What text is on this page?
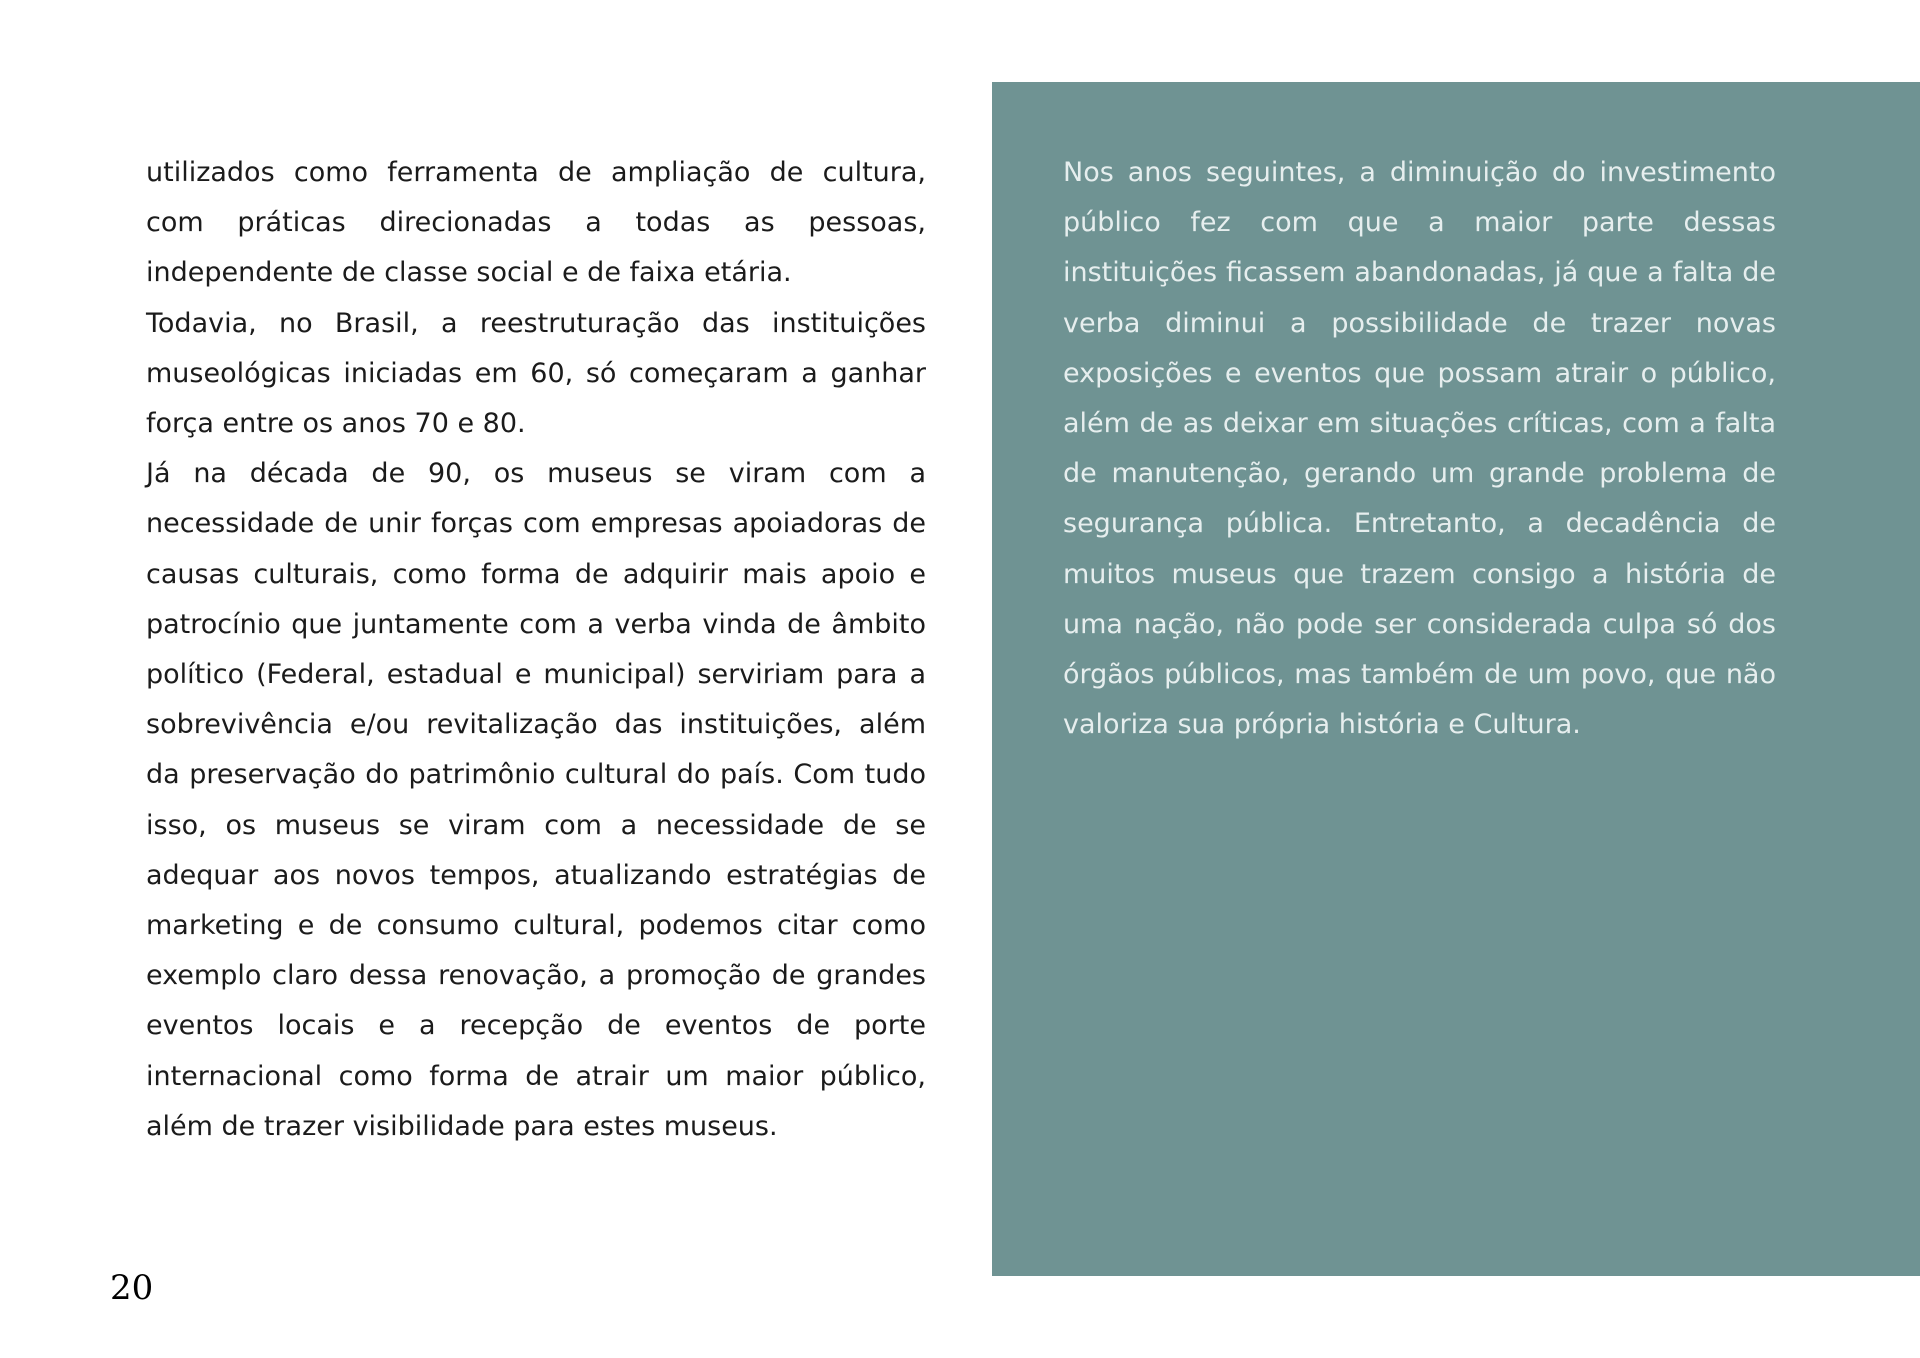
utilizados como ferramenta de ampliação de cultura, com práticas direcionadas a todas as pessoas, independente de classe social e de faixa etária.

Todavia, no Brasil, a reestruturação das instituições museológicas iniciadas em 60, só começaram a ganhar força entre os anos 70 e 80.

Já na década de 90, os museus se viram com a necessidade de unir forças com empresas apoiadoras de causas culturais, como forma de adquirir mais apoio e patrocínio que juntamente com a verba vinda de âmbito político (Federal, estadual e municipal) serviriam para a sobrevivência e/ou revitalização das instituições, além da preservação do patrimônio cultural do país. Com tudo isso, os museus se viram com a necessidade de se adequar aos novos tempos, atualizando estratégias de marketing e de consumo cultural, podemos citar como exemplo claro dessa renovação, a promoção de grandes eventos locais e a recepção de eventos de porte internacional como forma de atrair um maior público, além de trazer visibilidade para estes museus.

Nos anos seguintes, a diminuição do investimento público fez com que a maior parte dessas instituições ficassem abandonadas, já que a falta de verba diminui a possibilidade de trazer novas exposições e eventos que possam atrair o público, além de as deixar em situações críticas, com a falta de manutenção, gerando um grande problema de segurança pública. Entretanto, a decadência de muitos museus que trazem consigo a história de uma nação, não pode ser considerada culpa só dos órgãos públicos, mas também de um povo, que não valoriza sua própria história e Cultura.

20
